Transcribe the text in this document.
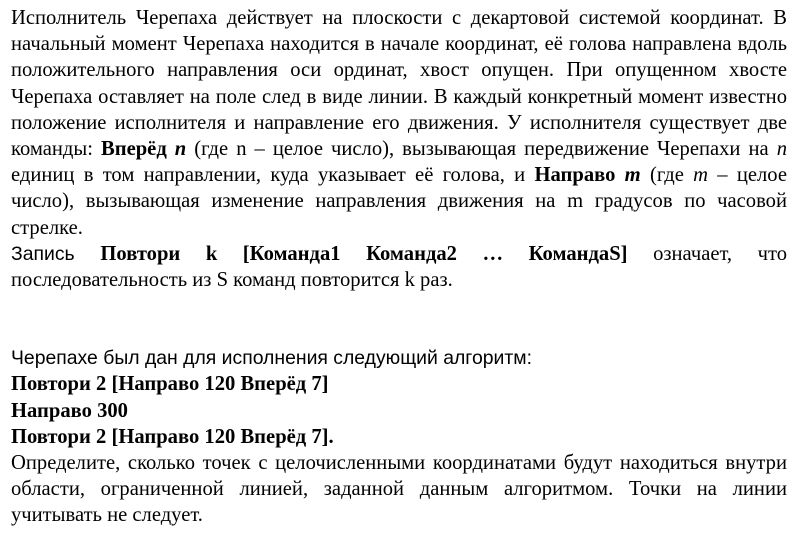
Исполнитель Черепаха действует на плоскости с декартовой системой координат. В начальный момент Черепаха находится в начале координат, её голова направлена вдоль положительного направления оси ординат, хвост опущен. При опущенном хвосте Черепаха оставляет на поле след в виде линии. В каждый конкретный момент известно положение исполнителя и направление его движения. У исполнителя существует две команды: Вперёд n (где n – целое число), вызывающая передвижение Черепахи на n единиц в том направлении, куда указывает её голова, и Направо m (где m – целое число), вызывающая изменение направления движения на m градусов по часовой стрелке.

Запись Повтори k [Команда1 Команда2 … КомандаS] означает, что последовательность из S команд повторится k раз.

Черепахе был дан для исполнения следующий алгоритм:

Повтори 2 [Направо 120 Вперёд 7]

Направо 300

Повтори 2 [Направо 120 Вперёд 7].

Определите, сколько точек с целочисленными координатами будут находиться внутри области, ограниченной линией, заданной данным алгоритмом. Точки на линии учитывать не следует.
